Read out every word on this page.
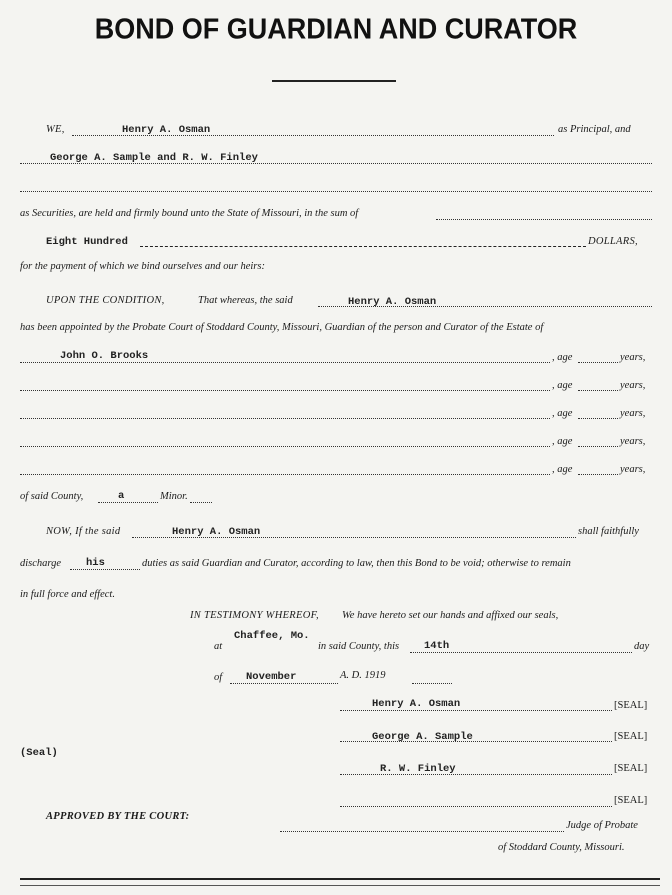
BOND OF GUARDIAN AND CURATOR
WE,	Henry A. Osman	as Principal, and
George A. Sample and R. W. Finley
as Securities, are held and firmly bound unto the State of Missouri, in the sum of
Eight Hundred	DOLLARS,
for the payment of which we bind ourselves and our heirs:
UPON THE CONDITION,	That whereas, the said	Henry A. Osman
has been appointed by the Probate Court of Stoddard County, Missouri, Guardian of the person and Curator of the Estate of
John O. Brooks	, age	years,
, age	years,
, age	years,
, age	years,
, age	years,
of said County,	a	Minor.
NOW, If the said	Henry A. Osman	shall faithfully
discharge his	duties as said Guardian and Curator, according to law, then this Bond to be void; otherwise to remain
in full force and effect.
IN TESTIMONY WHEREOF, We have hereto set our hands and affixed our seals,
at
Chaffee, Mo.
in said County, this 14th	day
of November	A. D. 1919
Henry A. Osman	[SEAL]
George A. Sample	[SEAL]
(Seal)
R. W. Finley	[SEAL]
[SEAL]
APPROVED BY THE COURT:
Judge of Probate
of Stoddard County, Missouri.
